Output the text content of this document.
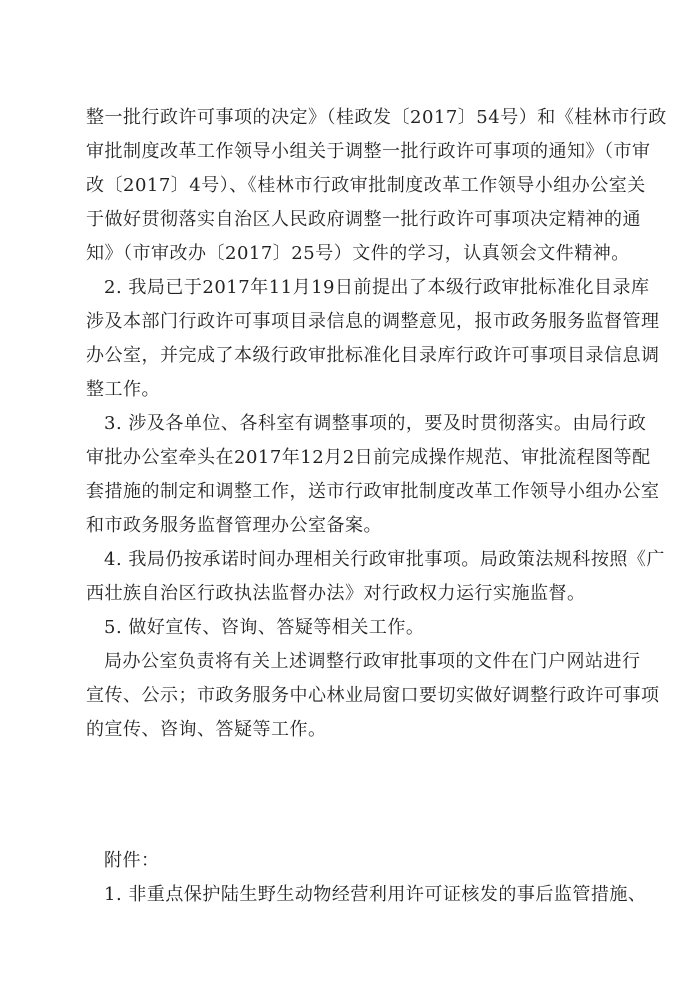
整一批行政许可事项的决定》（桂政发〔2017〕54号）和《桂林市行政
审批制度改革工作领导小组关于调整一批行政许可事项的通知》（市审
改〔2017〕4号）、《桂林市行政审批制度改革工作领导小组办公室关
于做好贯彻落实自治区人民政府调整一批行政许可事项决定精神的通
知》（市审改办〔2017〕25号）文件的学习，认真领会文件精神。
2. 我局已于2017年11月19日前提出了本级行政审批标准化目录库
涉及本部门行政许可事项目录信息的调整意见，报市政务服务监督管理
办公室，并完成了本级行政审批标准化目录库行政许可事项目录信息调
整工作。
3. 涉及各单位、各科室有调整事项的，要及时贯彻落实。由局行政
审批办公室牵头在2017年12月2日前完成操作规范、审批流程图等配
套措施的制定和调整工作，送市行政审批制度改革工作领导小组办公室
和市政务服务监督管理办公室备案。
4. 我局仍按承诺时间办理相关行政审批事项。局政策法规科按照《广
西壮族自治区行政执法监督办法》对行政权力运行实施监督。
5. 做好宣传、咨询、答疑等相关工作。
局办公室负责将有关上述调整行政审批事项的文件在门户网站进行
宣传、公示；市政务服务中心林业局窗口要切实做好调整行政许可事项
的宣传、咨询、答疑等工作。
附件：
1. 非重点保护陆生野生动物经营利用许可证核发的事后监管措施、
